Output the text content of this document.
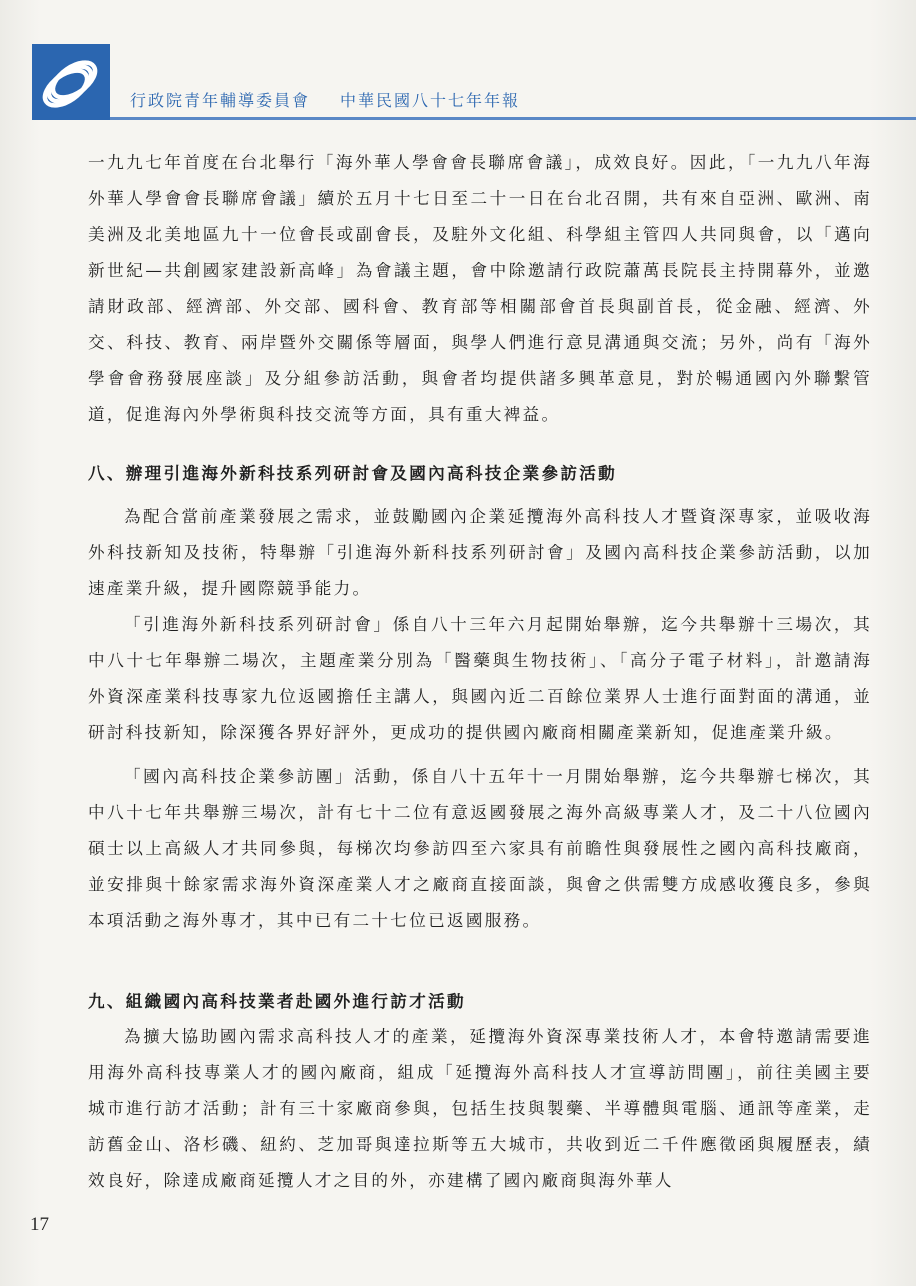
行政院青年輔導委員會 中華民國八十七年年報

一九九七年首度在台北舉行「海外華人學會會長聯席會議」，成效良好。因此，「一九九八年海外華人學會會長聯席會議」續於五月十七日至二十一日在台北召開，共有來自亞洲、歐洲、南美洲及北美地區九十一位會長或副會長，及駐外文化組、科學組主管四人共同與會，以「邁向新世紀—共創國家建設新高峰」為會議主題，會中除邀請行政院蕭萬長院長主持開幕外，並邀請財政部、經濟部、外交部、國科會、教育部等相關部會首長與副首長，從金融、經濟、外交、科技、教育、兩岸暨外交關係等層面，與學人們進行意見溝通與交流；另外，尚有「海外學會會務發展座談」及分組參訪活動，與會者均提供諸多興革意見，對於暢通國內外聯繫管道，促進海內外學術與科技交流等方面，具有重大裨益。

八、辦理引進海外新科技系列研討會及國內高科技企業參訪活動

為配合當前產業發展之需求，並鼓勵國內企業延攬海外高科技人才暨資深專家，並吸收海外科技新知及技術，特舉辦「引進海外新科技系列研討會」及國內高科技企業參訪活動，以加速產業升級，提升國際競爭能力。

「引進海外新科技系列研討會」係自八十三年六月起開始舉辦，迄今共舉辦十三場次，其中八十七年舉辦二場次，主題產業分別為「醫藥與生物技術」、「高分子電子材料」，計邀請海外資深產業科技專家九位返國擔任主講人，與國內近二百餘位業界人士進行面對面的溝通，並研討科技新知，除深獲各界好評外，更成功的提供國內廠商相關產業新知，促進產業升級。

「國內高科技企業參訪團」活動，係自八十五年十一月開始舉辦，迄今共舉辦七梯次，其中八十七年共舉辦三場次，計有七十二位有意返國發展之海外高級專業人才，及二十八位國內碩士以上高級人才共同參與，每梯次均參訪四至六家具有前瞻性與發展性之國內高科技廠商，並安排與十餘家需求海外資深產業人才之廠商直接面談，與會之供需雙方成感收獲良多，參與本項活動之海外專才，其中已有二十七位已返國服務。

九、組織國內高科技業者赴國外進行訪才活動

為擴大協助國內需求高科技人才的產業，延攬海外資深專業技術人才，本會特邀請需要進用海外高科技專業人才的國內廠商，組成「延攬海外高科技人才宣導訪問團」，前往美國主要城市進行訪才活動；計有三十家廠商參與，包括生技與製藥、半導體與電腦、通訊等產業，走訪舊金山、洛杉磯、紐約、芝加哥與達拉斯等五大城市，共收到近二千件應徵函與履歷表，績效良好，除達成廠商延攬人才之目的外，亦建構了國內廠商與海外華人

17
